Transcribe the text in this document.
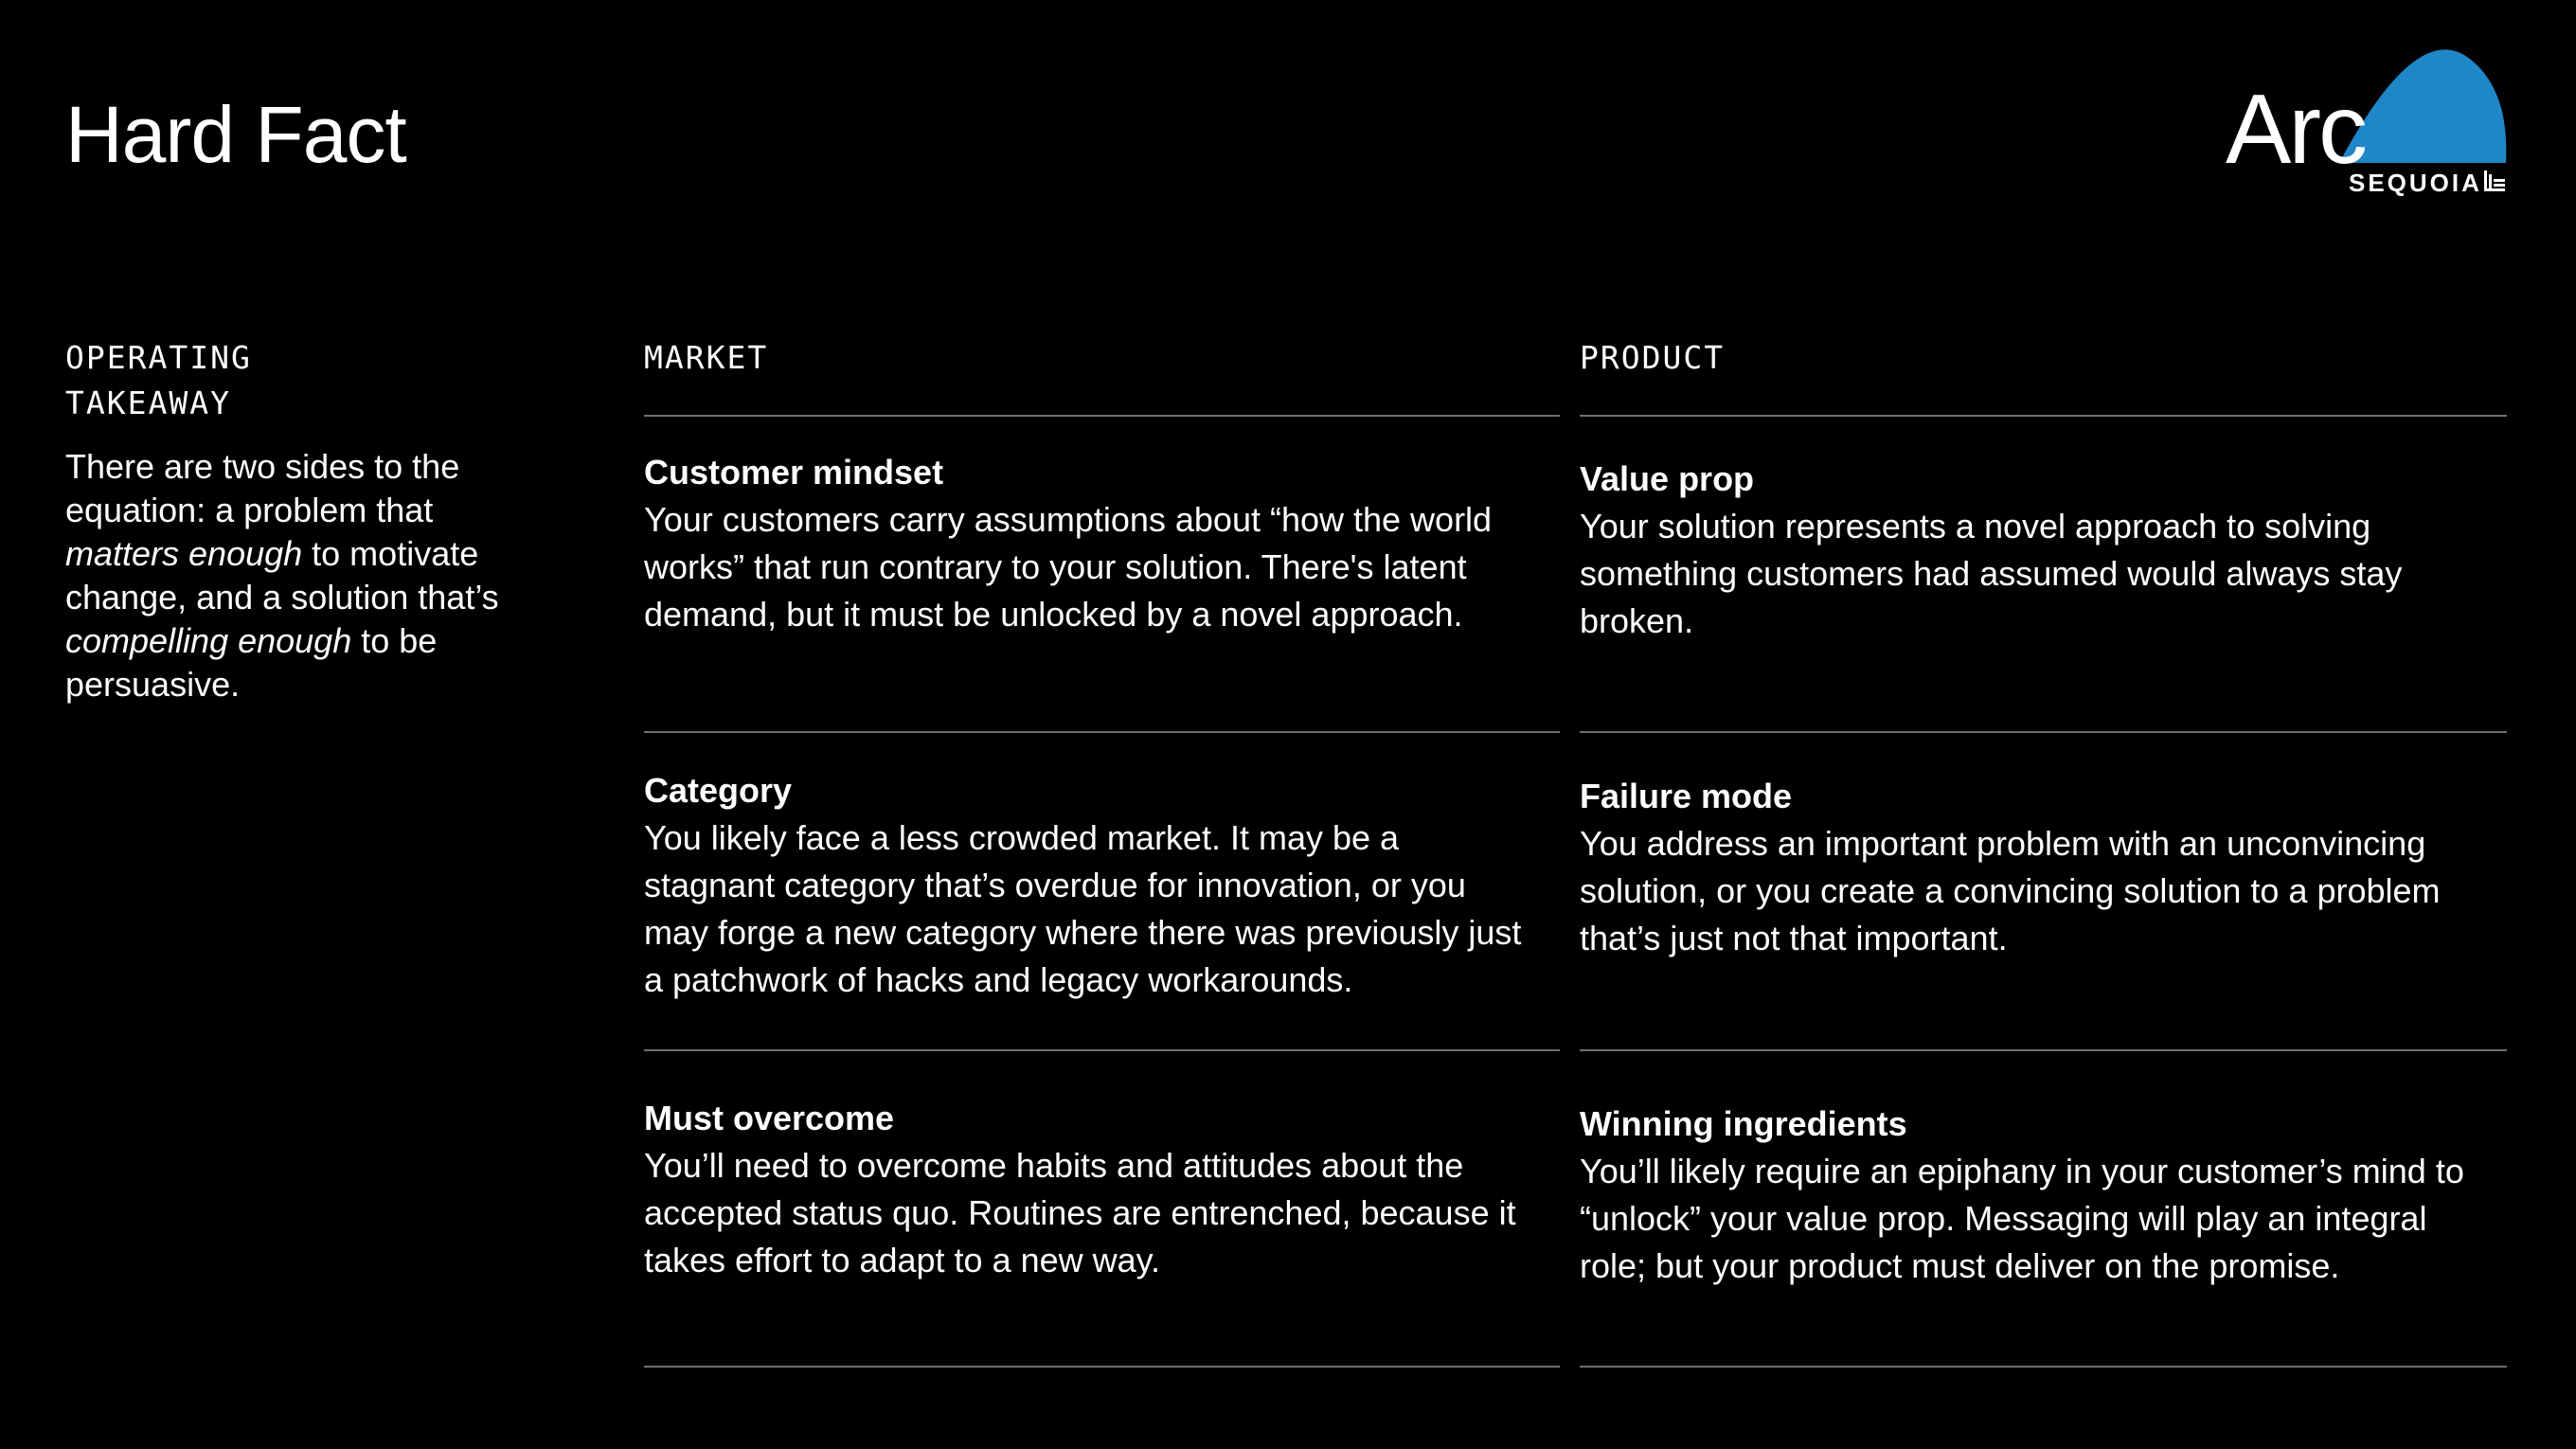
Hard Fact	Arc
SEQUOIA
OPERATING
TAKEAWAY
There are two sides to the equation: a problem that matters enough to motivate change, and a solution that’s compelling enough to be persuasive.
MARKET	PRODUCT

Customer mindset

Your customers carry assumptions about “how the world works” that run contrary to your solution. There's latent demand, but it must be unlocked by a novel approach.

Value prop

Your solution represents a novel approach to solving something customers had assumed would always stay broken.

Category

You likely face a less crowded market. It may be a stagnant category that’s overdue for innovation, or you may forge a new category where there was previously just a patchwork of hacks and legacy workarounds.

Failure mode

You address an important problem with an unconvincing solution, or you create a convincing solution to a problem that’s just not that important.

Must overcome

You’ll need to overcome habits and attitudes about the accepted status quo. Routines are entrenched, because it takes effort to adapt to a new way.

Winning ingredients

You’ll likely require an epiphany in your customer’s mind to “unlock” your value prop. Messaging will play an integral role; but your product must deliver on the promise.
